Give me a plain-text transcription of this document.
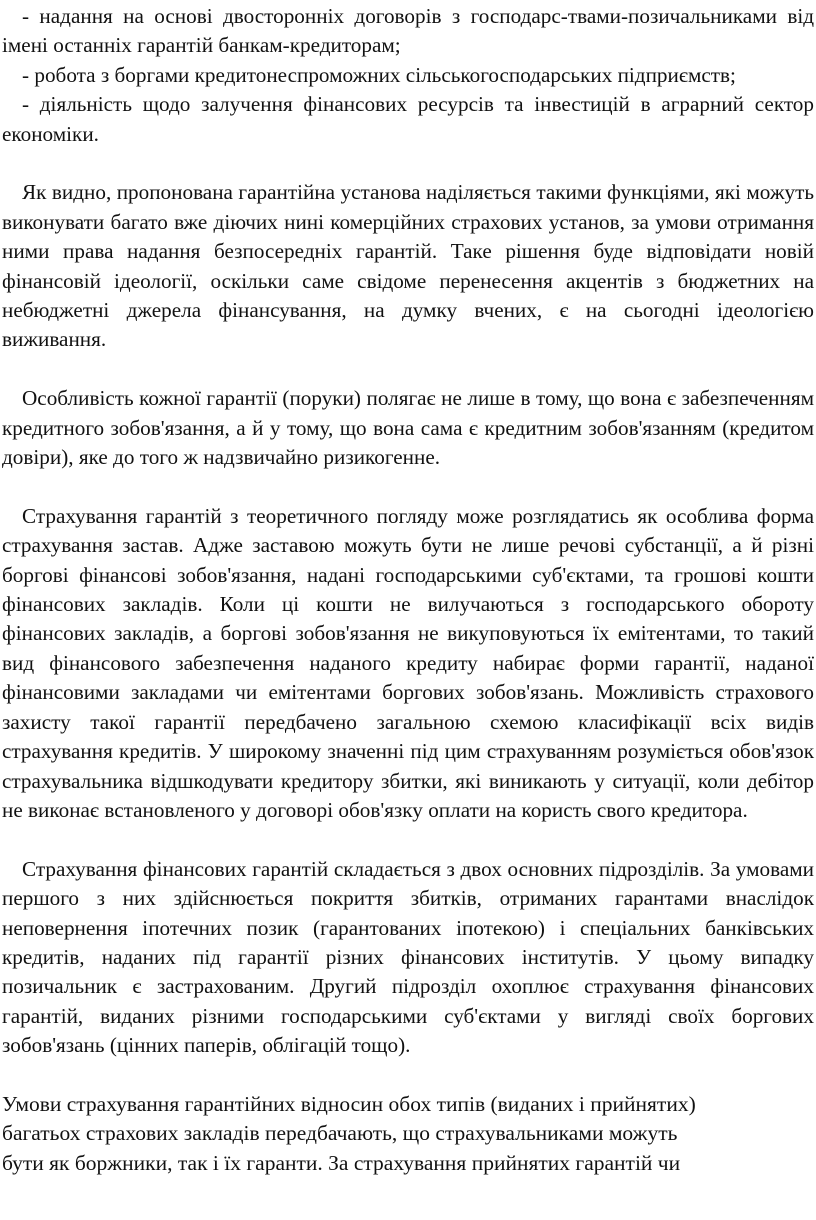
- надання на основі двосторонніх договорів з господарс-твами-позичальниками від імені останніх гарантій банкам-кредиторам;

- робота з боргами кредитонеспроможних сільськогосподарських підприємств;

- діяльність щодо залучення фінансових ресурсів та інвестицій в аграрний сектор економіки.

Як видно, пропонована гарантійна установа наділяється такими функціями, які можуть виконувати багато вже діючих нині комерційних страхових установ, за умови отримання ними права надання безпосередніх гарантій. Таке рішення буде відповідати новій фінансовій ідеології, оскільки саме свідоме перенесення акцентів з бюджетних на небюджетні джерела фінансування, на думку вчених, є на сьогодні ідеологією виживання.

Особливість кожної гарантії (поруки) полягає не лише в тому, що вона є забезпеченням кредитного зобов'язання, а й у тому, що вона сама є кредитним зобов'язанням (кредитом довіри), яке до того ж надзвичайно ризикогенне.

Страхування гарантій з теоретичного погляду може розглядатись як особлива форма страхування застав. Адже заставою можуть бути не лише речові субстанції, а й різні боргові фінансові зобов'язання, надані господарськими суб'єктами, та грошові кошти фінансових закладів. Коли ці кошти не вилучаються з господарського обороту фінансових закладів, а боргові зобов'язання не викуповуються їх емітентами, то такий вид фінансового забезпечення наданого кредиту набирає форми гарантії, наданої фінансовими закладами чи емітентами боргових зобов'язань. Можливість страхового захисту такої гарантії передбачено загальною схемою класифікації всіх видів страхування кредитів. У широкому значенні під цим страхуванням розуміється обов'язок страхувальника відшкодувати кредитору збитки, які виникають у ситуації, коли дебітор не виконає встановленого у договорі обов'язку оплати на користь свого кредитора.

Страхування фінансових гарантій складається з двох основних підрозділів. За умовами першого з них здійснюється покриття збитків, отриманих гарантами внаслідок неповернення іпотечних позик (гарантованих іпотекою) і спеціальних банківських кредитів, наданих під гарантії різних фінансових інститутів. У цьому випадку позичальник є застрахованим. Другий підрозділ охоплює страхування фінансових гарантій, виданих різними господарськими суб'єктами у вигляді своїх боргових зобов'язань (цінних паперів, облігацій тощо).

Умови страхування гарантійних відносин обох типів (виданих і прийнятих)
багатьох страхових закладів передбачають, що страхувальниками можуть
бути як боржники, так і їх гаранти. За страхування прийнятих гарантій чи
